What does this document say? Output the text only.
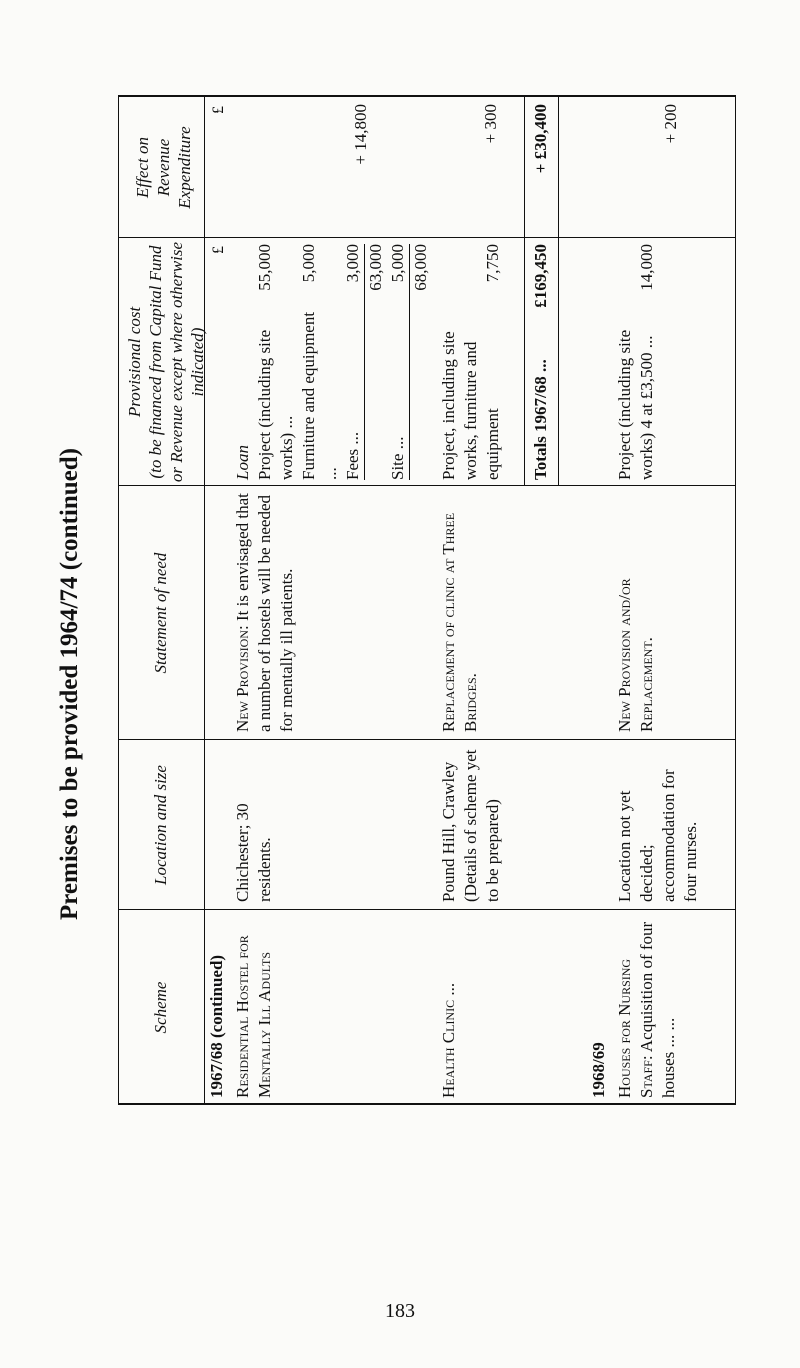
Premises to be provided 1964/74 (continued)
Scheme
Location and size
Statement of need
Provisional cost (to be financed from Capital Fund or Revenue except where otherwise indicated)
Effect on Revenue Expenditure
£
£
1967/68 (continued) Residential Hostel for Mentally Ill Adults
Chichester; 30 residents.
New Provision: It is envisaged that a number of hostels will be needed for mentally ill patients.
Loan Project (including site works) ...
55,000
Furniture and equipment ...
5,000
Fees ...
3,000 63,000
Site ...
5,000 68,000
+ 14,800
Health Clinic ...
Pound Hill, Crawley (Details of scheme yet to be prepared)
Replacement of clinic at Three Bridges.
Project, including site works, furniture and equipment
7,750
+ 300
Totals 1967/68 ...
£169,450
+ £30,400
1968/69 Houses for Nursing Staff: Acquisition of four houses ... ...
Location not yet decided; accommodation for four nurses.
New Provision and/or Replacement.
Project (including site works) 4 at £3,500 ...
14,000
+ 200
183
